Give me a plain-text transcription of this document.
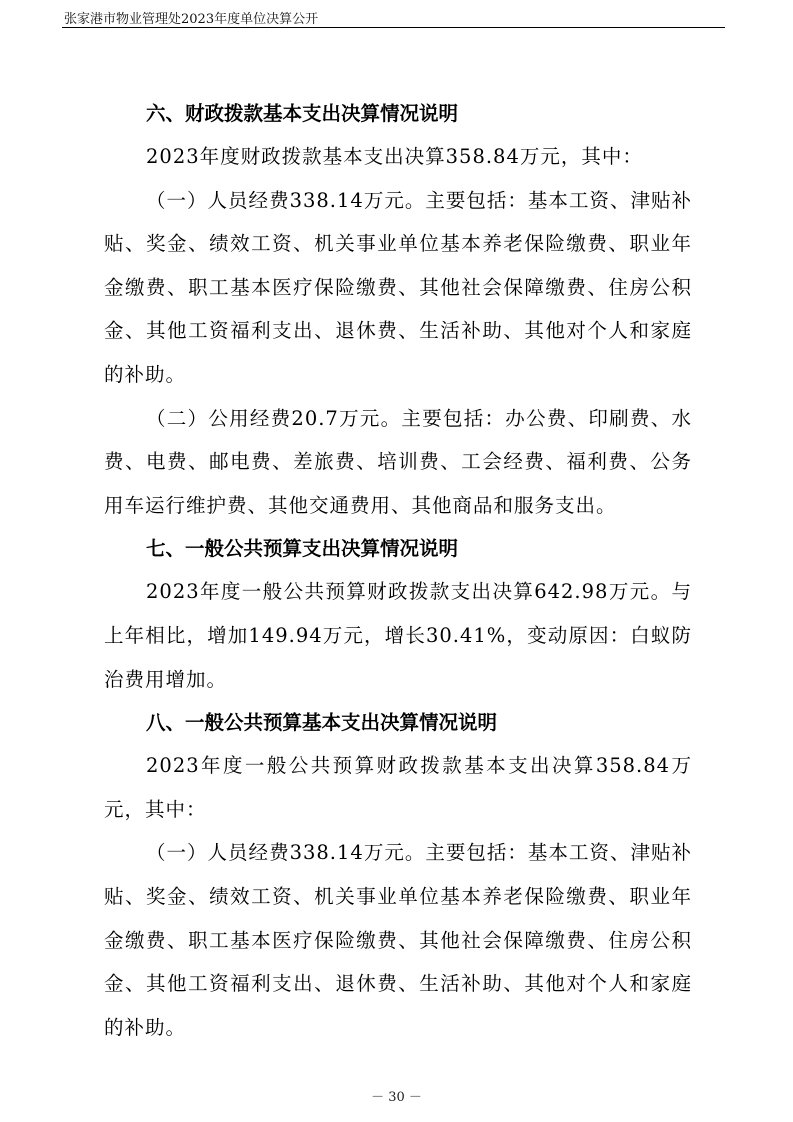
张家港市物业管理处2023年度单位决算公开
六、财政拨款基本支出决算情况说明

2023年度财政拨款基本支出决算358.84万元，其中：

（一）人员经费338.14万元。主要包括：基本工资、津贴补贴、奖金、绩效工资、机关事业单位基本养老保险缴费、职业年金缴费、职工基本医疗保险缴费、其他社会保障缴费、住房公积金、其他工资福利支出、退休费、生活补助、其他对个人和家庭的补助。

（二）公用经费20.7万元。主要包括：办公费、印刷费、水费、电费、邮电费、差旅费、培训费、工会经费、福利费、公务用车运行维护费、其他交通费用、其他商品和服务支出。

七、一般公共预算支出决算情况说明

2023年度一般公共预算财政拨款支出决算642.98万元。与上年相比，增加149.94万元，增长30.41%，变动原因：白蚁防治费用增加。

八、一般公共预算基本支出决算情况说明

2023年度一般公共预算财政拨款基本支出决算358.84万元，其中：

（一）人员经费338.14万元。主要包括：基本工资、津贴补贴、奖金、绩效工资、机关事业单位基本养老保险缴费、职业年金缴费、职工基本医疗保险缴费、其他社会保障缴费、住房公积金、其他工资福利支出、退休费、生活补助、其他对个人和家庭的补助。

－ 30 －
